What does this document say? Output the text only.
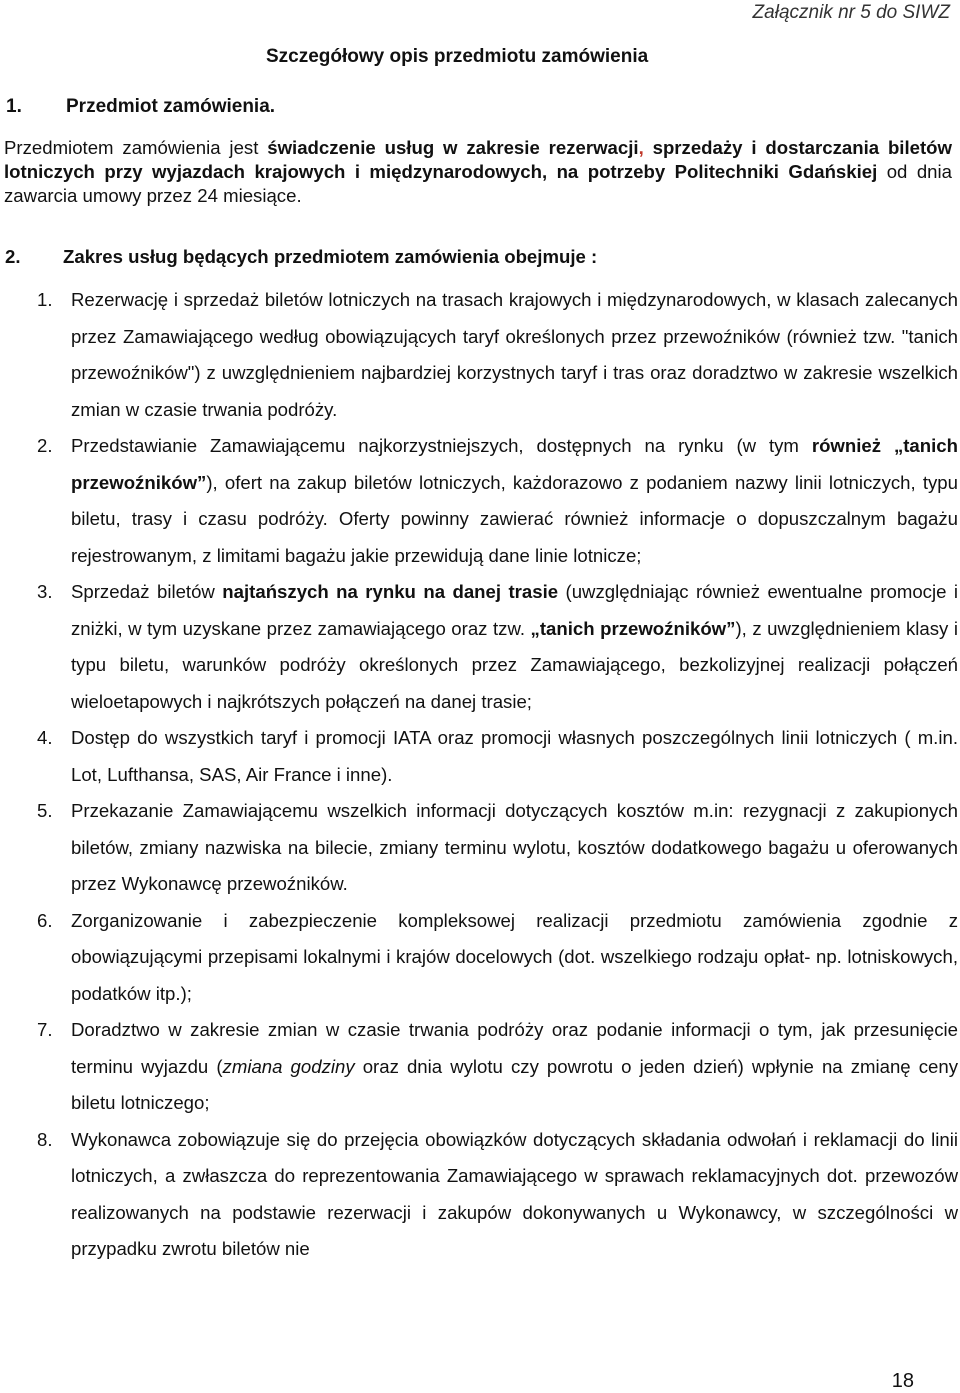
Załącznik nr 5 do SIWZ
Szczegółowy opis przedmiotu zamówienia
1. Przedmiot zamówienia.
Przedmiotem zamówienia jest świadczenie usług w zakresie rezerwacji, sprzedaży i dostarczania biletów lotniczych przy wyjazdach krajowych i międzynarodowych, na potrzeby Politechniki Gdańskiej od dnia zawarcia umowy przez 24 miesiące.
2. Zakres usług będących przedmiotem zamówienia obejmuje :
1. Rezerwację i sprzedaż biletów lotniczych na trasach krajowych i międzynarodowych, w klasach zalecanych przez Zamawiającego według obowiązujących taryf określonych przez przewoźników (również tzw. "tanich przewoźników") z uwzględnieniem najbardziej korzystnych taryf i tras oraz doradztwo w zakresie wszelkich zmian w czasie trwania podróży.
2. Przedstawianie Zamawiającemu najkorzystniejszych, dostępnych na rynku (w tym również „tanich przewoźników”), ofert na zakup biletów lotniczych, każdorazowo z podaniem nazwy linii lotniczych, typu biletu, trasy i czasu podróży. Oferty powinny zawierać również informacje o dopuszczalnym bagażu rejestrowanym, z limitami bagażu jakie przewidują dane linie lotnicze;
3. Sprzedaż biletów najtańszych na rynku na danej trasie (uwzględniając również ewentualne promocje i zniżki, w tym uzyskane przez zamawiającego oraz tzw. „tanich przewoźników”), z uwzględnieniem klasy i typu biletu, warunków podróży określonych przez Zamawiającego, bezkolizyjnej realizacji połączeń wieloetapowych i najkrótszych połączeń na danej trasie;
4. Dostęp do wszystkich taryf i promocji IATA oraz promocji własnych poszczególnych linii lotniczych ( m.in. Lot, Lufthansa, SAS, Air France i inne).
5. Przekazanie Zamawiającemu wszelkich informacji dotyczących kosztów m.in: rezygnacji z zakupionych biletów, zmiany nazwiska na bilecie, zmiany terminu wylotu, kosztów dodatkowego bagażu u oferowanych przez Wykonawcę przewoźników.
6. Zorganizowanie i zabezpieczenie kompleksowej realizacji przedmiotu zamówienia zgodnie z obowiązującymi przepisami lokalnymi i krajów docelowych (dot. wszelkiego rodzaju opłat- np. lotniskowych, podatków itp.);
7. Doradztwo w zakresie zmian w czasie trwania podróży oraz podanie informacji o tym, jak przesunięcie terminu wyjazdu (zmiana godziny oraz dnia wylotu czy powrotu o jeden dzień) wpłynie na zmianę ceny biletu lotniczego;
8. Wykonawca zobowiązuje się do przejęcia obowiązków dotyczących składania odwołań i reklamacji do linii lotniczych, a zwłaszcza do reprezentowania Zamawiającego w sprawach reklamacyjnych dot. przewozów realizowanych na podstawie rezerwacji i zakupów dokonywanych u Wykonawcy, w szczególności w przypadku zwrotu biletów nie
18
